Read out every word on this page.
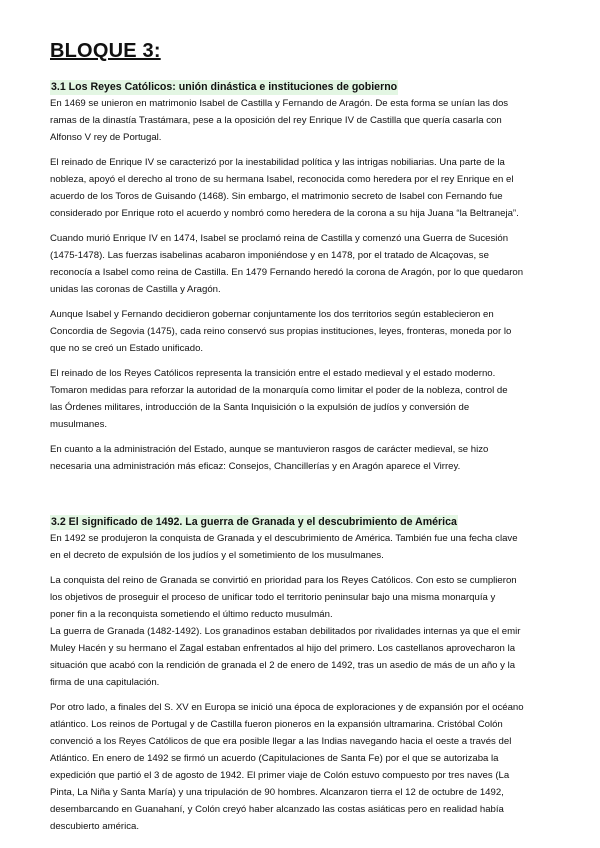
BLOQUE 3:
3.1 Los Reyes Católicos: unión dinástica e instituciones de gobierno

En 1469 se unieron en matrimonio Isabel de Castilla y Fernando de Aragón. De esta forma se unían las dos
ramas de la dinastía Trastámara, pese a la oposición del rey Enrique IV de Castilla que quería casarla con
Alfonso V rey de Portugal.

El reinado de Enrique IV se caracterizó por la inestabilidad política y las intrigas nobiliarias. Una parte de la
nobleza, apoyó el derecho al trono de su hermana Isabel, reconocida como heredera por el rey Enrique en el
acuerdo de los Toros de Guisando (1468). Sin embargo, el matrimonio secreto de Isabel con Fernando fue
considerado por Enrique roto el acuerdo y nombró como heredera de la corona a su hija Juana “la Beltraneja”.

Cuando murió Enrique IV en 1474, Isabel se proclamó reina de Castilla y comenzó una Guerra de Sucesión
(1475-1478). Las fuerzas isabelinas acabaron imponiéndose y en 1478, por el tratado de Alcaçovas, se
reconocía a Isabel como reina de Castilla. En 1479 Fernando heredó la corona de Aragón, por lo que quedaron
unidas las coronas de Castilla y Aragón.

Aunque Isabel y Fernando decidieron gobernar conjuntamente los dos territorios según establecieron en
Concordia de Segovia (1475), cada reino conservó sus propias instituciones, leyes, fronteras, moneda por lo
que no se creó un Estado unificado.

El reinado de los Reyes Católicos representa la transición entre el estado medieval y el estado moderno.
Tomaron medidas para reforzar la autoridad de la monarquía como limitar el poder de la nobleza, control de
las Órdenes militares, introducción de la Santa Inquisición o la expulsión de judíos y conversión de
musulmanes.

En cuanto a la administración del Estado, aunque se mantuvieron rasgos de carácter medieval, se hizo
necesaria una administración más eficaz: Consejos, Chancillerías y en Aragón aparece el Virrey.

3.2 El significado de 1492. La guerra de Granada y el descubrimiento de América

En 1492 se produjeron la conquista de Granada y el descubrimiento de América. También fue una fecha clave
en el decreto de expulsión de los judíos y el sometimiento de los musulmanes.

La conquista del reino de Granada se convirtió en prioridad para los Reyes Católicos. Con esto se cumplieron
los objetivos de proseguir el proceso de unificar todo el territorio peninsular bajo una misma monarquía y
poner fin a la reconquista sometiendo el último reducto musulmán.

La guerra de Granada (1482-1492). Los granadinos estaban debilitados por rivalidades internas ya que el emir
Muley Hacén y su hermano el Zagal estaban enfrentados al hijo del primero. Los castellanos aprovecharon la
situación que acabó con la rendición de granada el 2 de enero de 1492, tras un asedio de más de un año y la
firma de una capitulación.

Por otro lado, a finales del S. XV en Europa se inició una época de exploraciones y de expansión por el océano
atlántico. Los reinos de Portugal y de Castilla fueron pioneros en la expansión ultramarina. Cristóbal Colón
convenció a los Reyes Católicos de que era posible llegar a las Indias navegando hacia el oeste a través del
Atlántico. En enero de 1492 se firmó un acuerdo (Capitulaciones de Santa Fe) por el que se autorizaba la
expedición que partió el 3 de agosto de 1942. El primer viaje de Colón estuvo compuesto por tres naves (La
Pinta, La Niña y Santa María) y una tripulación de 90 hombres. Alcanzaron tierra el 12 de octubre de 1492,
desembarcando en Guanahaní, y Colón creyó haber alcanzado las costas asiáticas pero en realidad había
descubierto américa.
